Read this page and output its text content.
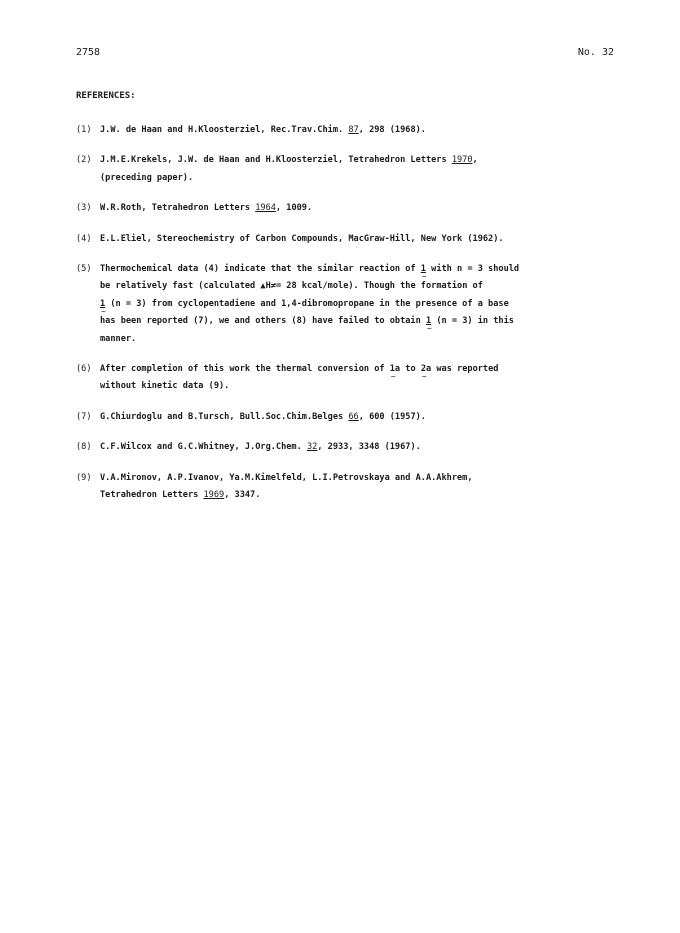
2758	No. 32
REFERENCES:
(1) J.W. de Haan and H.Kloosterziel, Rec.Trav.Chim. 87, 298 (1968).
(2) J.M.E.Krekels, J.W. de Haan and H.Kloosterziel, Tetrahedron Letters 1970,
(preceding paper).
(3) W.R.Roth, Tetrahedron Letters 1964, 1009.
(4) E.L.Eliel, Stereochemistry of Carbon Compounds, MacGraw-Hill, New York (1962).
(5) Thermochemical data (4) indicate that the similar reaction of 1 ~ with n = 3 should
be relatively fast (calculated ▲H≠= 28 kcal/mole). Though the formation of
1 ~ (n = 3) from cyclopentadiene and 1,4-dibromopropane in the presence of a base
has been reported (7), we and others (8) have failed to obtain 1 ~ (n = 3) in this
manner.
(6) After completion of this work the thermal conversion of 1a ~ to 2a ~ was reported
without kinetic data (9).
(7) G.Chiurdoglu and B.Tursch, Bull.Soc.Chim.Belges 66, 600 (1957).
(8) C.F.Wilcox and G.C.Whitney, J.Org.Chem. 32, 2933, 3348 (1967).
(9) V.A.Mironov, A.P.Ivanov, Ya.M.Kimelfeld, L.I.Petrovskaya and A.A.Akhrem,
Tetrahedron Letters 1969, 3347.
